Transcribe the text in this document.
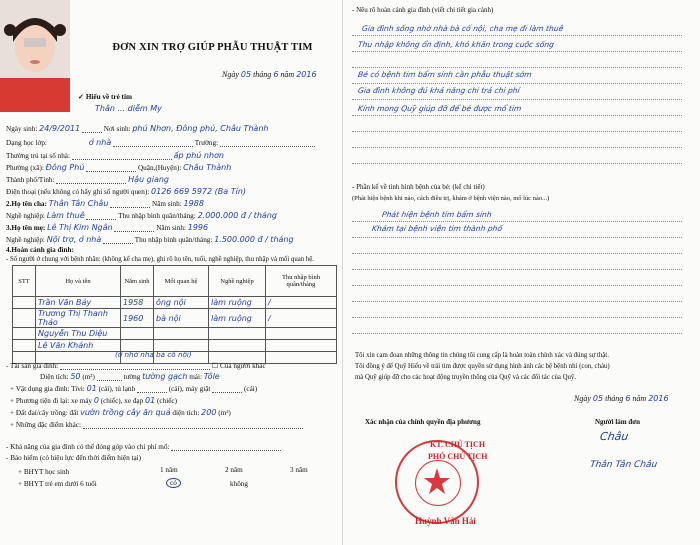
ĐƠN XIN TRỢ GIÚP PHẪU THUẬT TIM
Ngày 05 tháng 6 năm 2016
✓ Hiểu về trẻ tim
Thân ... diễm My
Ngày sinh: 24/9/2011	Nơi sinh: phú Nhơn, Đông phú, Châu Thành
Dạng học lớp:	ở nhà	Trường:
Thường trú tại số nhà:	ấp phú nhơn
Phường (xã): Đông Phú	Quận,(Huyện): Châu Thành
Thành phố/Tỉnh:	Hậu giang
Điện thoại (nếu không có hãy ghi số người quen): 0126 669 5972 (Ba Tín)
2.Họ tên cha: Thân Tân Châu	Năm sinh: 1988
Nghề nghiệp: Làm thuê	Thu nhập bình quân/tháng: 2.000.000 đ / tháng
3.Họ tên mẹ: Lê Thị Kim Ngân	Năm sinh: 1996
Nghề nghiệp: Nội trợ, ở nhà	Thu nhập bình quân/tháng: 1.500.000 đ / tháng
4.Hoàn cảnh gia đình:
- Số người ở chung với bệnh nhân: (không kể cha mẹ), ghi rõ họ tên, tuổi, nghề nghiệp, thu nhập và mối quan hệ.
STT	Họ và tên	Năm sinh	Mối quan hệ	Nghề nghiệp	Thu nhập bình quân/tháng
	Trần Văn Bảy	1958	ông nội	làm ruộng	/
	Trương Thị Thanh Thảo	1960	bà nội	làm ruộng	/
	Nguyễn Thu Diệu				
	Lê Văn Khánh				

(ở nhờ nhà bà cố nội)
- Tài sản gia đình:	☐ Của người khác
Diện tích: 50 (m²)	tường tường gạch mái: Tôle
+ Vật dụng gia đình: Tivi: 01 (cái), tủ lạnh	(cái), máy giặt	(cái)
+ Phương tiện đi lại: xe máy 0 (chiếc), xe đạp 01 (chiếc)
+ Đất đai/cây trồng: đất vườn trồng cây ăn quả diện tích: 200 (m²)
+ Những đặc điểm khác:
- Khả năng của gia đình có thể đóng góp vào chi phí mổ:
- Bảo hiểm (có hiệu lực đến thời điểm hiện tại)
+ BHYT học sinh	1 năm	2 năm	3 năm
+ BHYT trẻ em dưới 6 tuổi	có	không
- Nêu rõ hoàn cảnh gia đình (viết chi tiết gia cảnh)
Gia đình sống nhờ nhà bà cố nội, cha mẹ đi làm thuê
Thu nhập không ổn định, khó khăn trong cuộc sống
Bé có bệnh tim bẩm sinh cần phẫu thuật sớm
Gia đình không đủ khả năng chi trả chi phí
Kính mong Quỹ giúp đỡ để bé được mổ tim
- Phần kế về tình hình bệnh của bé: (kể chi tiết)
(Phát hiện bệnh khi nào, cách điều trị, khám ở bệnh viện nào, mổ lúc nào...)
Phát hiện bệnh tim bẩm sinh
Khám tại bệnh viện tim thành phố
Tôi xin cam đoan những thông tin chúng tôi cung cấp là hoàn toàn chính xác và đúng sự thật.
Tôi đồng ý để Quỹ Hiểu về trái tim được quyền sử dụng hình ảnh các bệ bệnh nhi (con, cháu)
mà Quỹ giúp đỡ cho các hoạt động truyền thông của Quỹ và các đối tác của Quỹ.
Ngày 05 tháng 6 năm 2016
Xác nhận của chính quyền địa phương	Người làm đơn
KT. CHỦ TỊCH
PHÓ CHỦ TỊCH
Huỳnh Văn Hải
Châu
Thân Tân Châu
